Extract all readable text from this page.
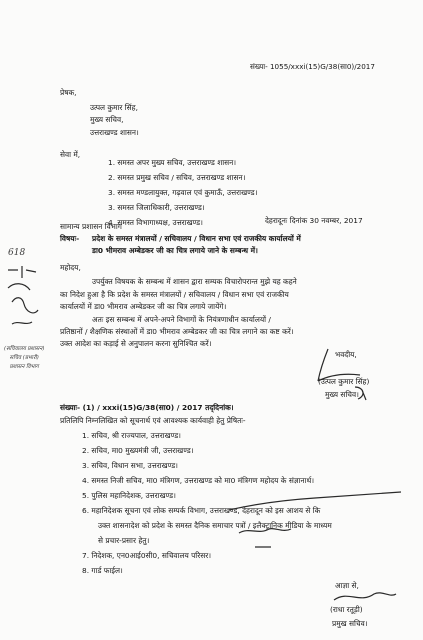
संख्या- 1055/xxxi(15)G/38(सा0)/2017
प्रेषक,
उत्पल कुमार सिंह,
मुख्य सचिव,
उत्तराखण्ड शासन।
सेवा में,
1. समस्त अपर मुख्य सचिव, उत्तराखण्ड शासन।
2. समस्त प्रमुख सचिव / सचिव, उत्तराखण्ड शासन।
3. समस्त मण्डलायुक्त, गढ़वाल एवं कुमाऊँ, उत्तराखण्ड।
3. समस्त जिलाधिकारी, उत्तराखण्ड।
4. समस्त विभागाध्यक्ष, उत्तराखण्ड।
सामान्य प्रशासन विभाग
देहरादूनः दिनांक 30 नवम्बर, 2017
विषयः- प्रदेश के समस्त मंत्रालयों / सचिवालय / विधान सभा एवं राजकीय कार्यालयों में
डा0 भीमराव अम्बेडकर जी का चित्र लगाये जाने के सम्बन्ध में।
महोदय,
उपर्युक्त विषयक के सम्बन्ध में शासन द्वारा सम्यक विचारोपरान्त मुझे यह कहने
का निदेश हुआ है कि प्रदेश के समस्त मंत्रालयों / सचिवालय / विधान सभा एवं राजकीय
कार्यालयों में डा0 भीमराव अम्बेडकर जी का चित्र लगाये जायेंगे।
अतः इस सम्बन्ध में अपने-अपने विभागों के नियंत्रणाधीन कार्यालयों /
प्रतिष्ठानों / शैक्षणिक संस्थाओं में डा0 भीमराव अम्बेडकर जी का चित्र लगाने का कष्ट करें।
उक्त आदेश का कड़ाई से अनुपालन करना सुनिश्चित करें।
भवदीय,
(उत्पल कुमार सिंह)
मुख्य सचिव।
संख्याः- (1) / xxxi(15)G/38(सा0) / 2017 तद्‌दिनांक।
प्रतिलिपि निम्नलिखित को सूचनार्थ एवं आवश्यक कार्यवाही हेतु प्रेषितः-
1. सचिव, श्री राज्यपाल, उत्तराखण्ड।
2. सचिव, मा0 मुख्यमंत्री जी, उत्तराखण्ड।
3. सचिव, विधान सभा, उत्तराखण्ड।
4. समस्त निजी सचिव, मा0 मंत्रिगण, उत्तराखण्ड को मा0 मंत्रिगण महोदय के संज्ञानार्थ।
5. पुलिस महानिदेशक, उत्तराखण्ड।
6. महानिदेशक सूचना एवं लोक सम्पर्क विभाग, उत्तराखण्ड, देहरादून को इस आशय से कि
उक्त शासनादेश को प्रदेश के समस्त दैनिक समाचार पत्रों / इलैक्ट्रानिक मीडिया के माध्यम
से प्रचार-प्रसार हेतु।
7. निदेशक, एन0आई0सी0, सचिवालय परिसर।
8. गार्ड फाईल।
आज्ञा से,
(राधा रतूड़ी)
प्रमुख सचिव।
618
(सचिवालय प्रशासन)
सचिव (प्रभारी)
प्रशासन विभाग
